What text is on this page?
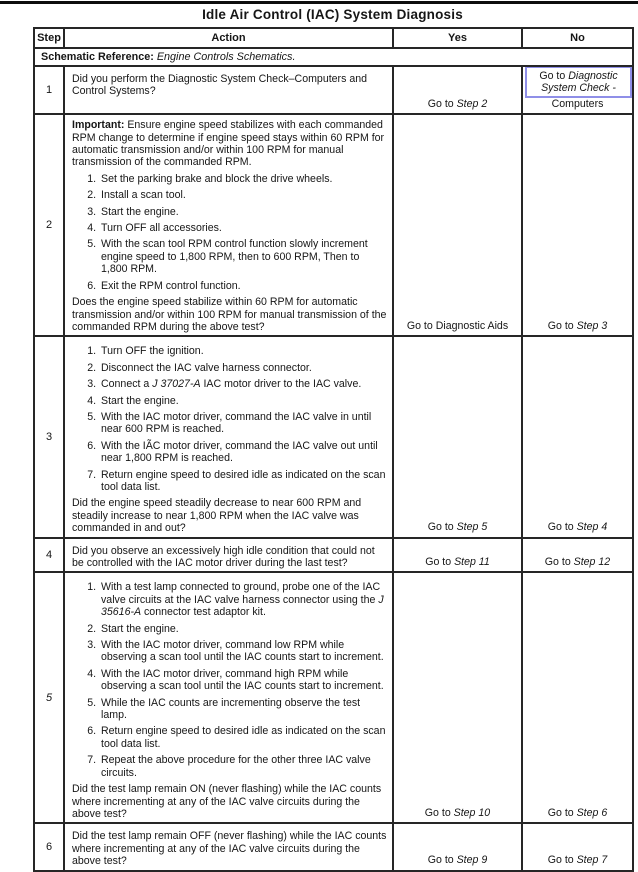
Idle Air Control (IAC) System Diagnosis
Step	Action	Yes	No
Schematic Reference: Engine Controls Schematics.			
1	Did you perform the Diagnostic System Check–Computers and Control Systems?	Go to Step 2	Go to Diagnostic System Check -
Computers

2	

Important: Ensure engine speed stabilizes with each commanded RPM change to determine if engine speed stays within 60 RPM for automatic transmission and/or within 100 RPM for manual transmission of the commanded RPM.

1. Set the parking brake and block the drive wheels.
2. Install a scan tool.
3. Start the engine.
4. Turn OFF all accessories.
5. With the scan tool RPM control function slowly increment engine speed to 1,800 RPM, then to 600 RPM, Then to 1,800 RPM.
6. Exit the RPM control function.

Does the engine speed stabilize within 60 RPM for automatic transmission and/or within 100 RPM for manual transmission of the commanded RPM during the above test?	Go to Diagnostic Aids	Go to Step 3
3	
1. Turn OFF the ignition.
2. Disconnect the IAC valve harness connector.
3. Connect a J 37027-A IAC motor driver to the IAC valve.
4. Start the engine.
5. With the IAC motor driver, command the IAC valve in until near 600 RPM is reached.
6. With the IÃC motor driver, command the IAC valve out until near 1,800 RPM is reached.
7. Return engine speed to desired idle as indicated on the scan tool data list.

Did the engine speed steadily decrease to near 600 RPM and steadily increase to near 1,800 RPM when the IAC valve was commanded in and out?	Go to Step 5	Go to Step 4
4	Did you observe an excessively high idle condition that could not be controlled with the IAC motor driver during the last test?	Go to Step 11	Go to Step 12
5	
1. With a test lamp connected to ground, probe one of the IAC valve circuits at the IAC valve harness connector using the J 35616-A connector test adaptor kit.
2. Start the engine.
3. With the IAC motor driver, command low RPM while observing a scan tool until the IAC counts start to increment.
4. With the IAC motor driver, command high RPM while observing a scan tool until the IAC counts start to increment.
5. While the IAC counts are incrementing observe the test lamp.
6. Return engine speed to desired idle as indicated on the scan tool data list.
7. Repeat the above procedure for the other three IAC valve circuits.

Did the test lamp remain ON (never flashing) while the IAC counts where incrementing at any of the IAC valve circuits during the above test?	Go to Step 10	Go to Step 6
6	Did the test lamp remain OFF (never flashing) while the IAC counts where incrementing at any of the IAC valve circuits during the above test?	Go to Step 9	Go to Step 7
